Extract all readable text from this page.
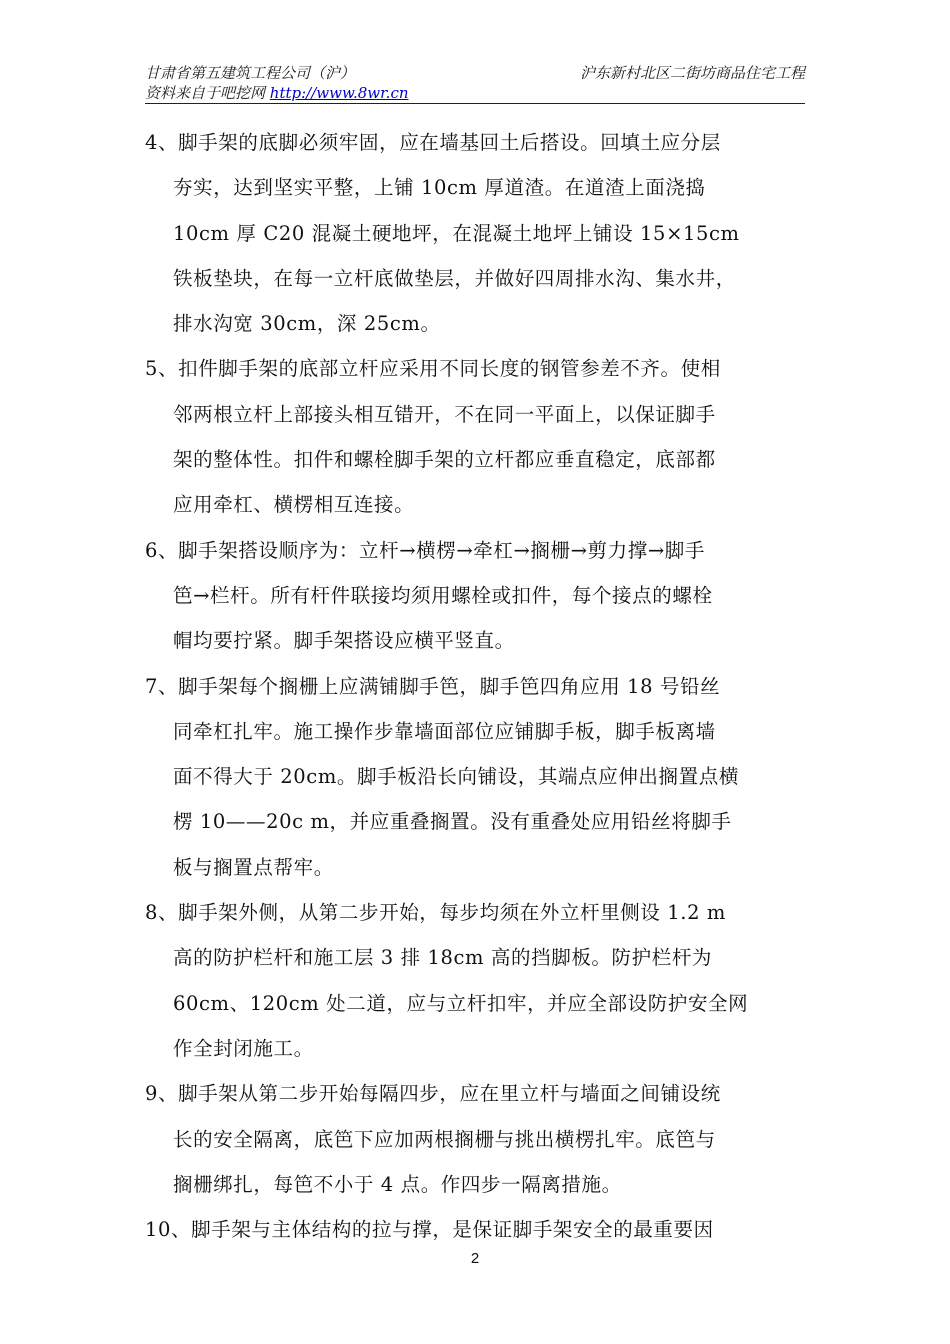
甘肃省第五建筑工程公司（沪）
资料来自于吧挖网 http://www.8wr.cn
沪东新村北区二街坊商品住宅工程
4、脚手架的底脚必须牢固，应在墙基回土后搭设。回填土应分层
夯实，达到坚实平整，上铺 10cm 厚道渣。在道渣上面浇捣
10cm 厚 C20 混凝土硬地坪，在混凝土地坪上铺设 15×15cm
铁板垫块，在每一立杆底做垫层，并做好四周排水沟、集水井，
排水沟宽 30cm，深 25cm。
5、扣件脚手架的底部立杆应采用不同长度的钢管参差不齐。使相
邻两根立杆上部接头相互错开，不在同一平面上，以保证脚手
架的整体性。扣件和螺栓脚手架的立杆都应垂直稳定，底部都
应用牵杠、横楞相互连接。
6、脚手架搭设顺序为：立杆→横楞→牵杠→搁栅→剪力撑→脚手
笆→栏杆。所有杆件联接均须用螺栓或扣件，每个接点的螺栓
帽均要拧紧。脚手架搭设应横平竖直。
7、脚手架每个搁栅上应满铺脚手笆，脚手笆四角应用 18 号铅丝
同牵杠扎牢。施工操作步靠墙面部位应铺脚手板，脚手板离墙
面不得大于 20cm。脚手板沿长向铺设，其端点应伸出搁置点横
楞 10——20c m，并应重叠搁置。没有重叠处应用铅丝将脚手
板与搁置点帮牢。
8、脚手架外侧，从第二步开始，每步均须在外立杆里侧设 1.2 m
高的防护栏杆和施工层 3 排 18cm 高的挡脚板。防护栏杆为
60cm、120cm 处二道，应与立杆扣牢，并应全部设防护安全网
作全封闭施工。
9、脚手架从第二步开始每隔四步，应在里立杆与墙面之间铺设统
长的安全隔离，底笆下应加两根搁栅与挑出横楞扎牢。底笆与
搁栅绑扎，每笆不小于 4 点。作四步一隔离措施。
10、脚手架与主体结构的拉与撑，是保证脚手架安全的最重要因
2
